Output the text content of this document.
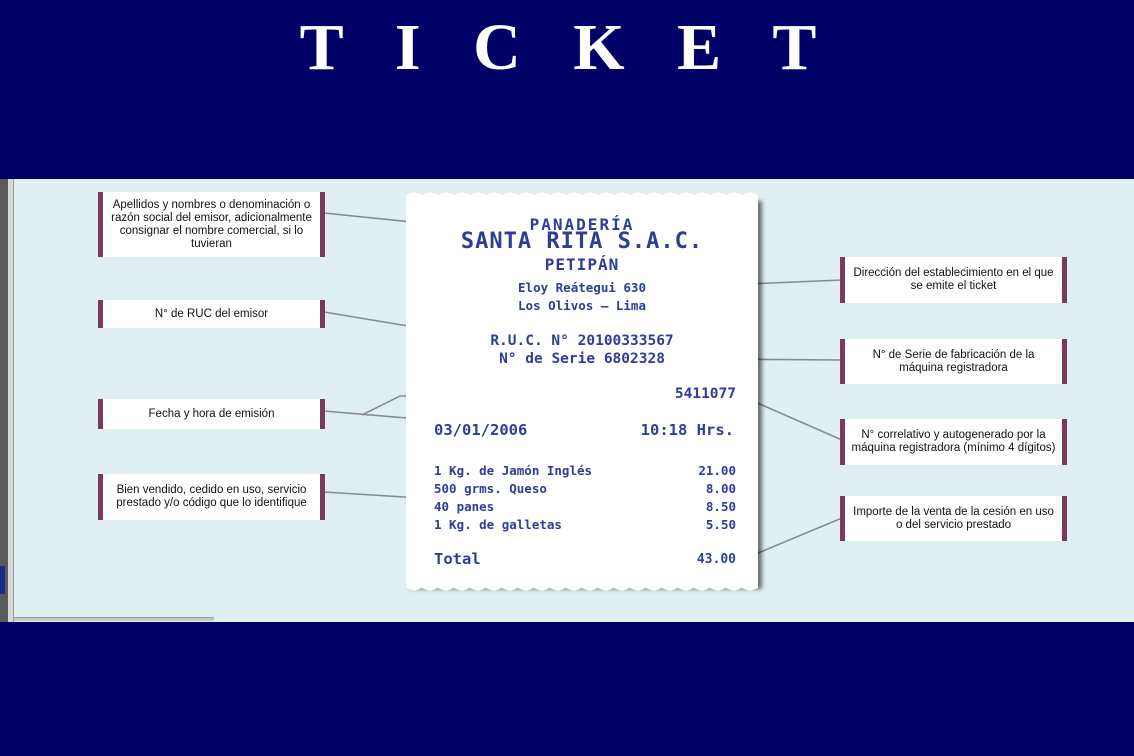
T I C K E T
Apellidos y nombres o denominación o razón social del emisor, adicionalmente consignar el nombre comercial, si lo tuvieran
N° de RUC del emisor
Fecha y hora de emisión
Bien vendido, cedido en uso, servicio prestado y/o código que lo identifique
Dirección del establecimiento en el que se emite el ticket
N° de Serie de fabricación de la máquina registradora
N° correlativo y autogenerado por la máquina registradora (mínimo 4 dígitos)
Importe de la venta de la cesión en uso o del servicio prestado
PANADERÍA
SANTA RITA S.A.C.
PETIPÁN
Eloy Reátegui 630
Los Olivos – Lima
R.U.C. N° 20100333567
N° de Serie 6802328
5411077
03/01/2006	10:18 Hrs.
1 Kg. de Jamón Inglés	21.00
500 grms. Queso	8.00
40 panes	8.50
1 Kg. de galletas	5.50
Total	43.00
